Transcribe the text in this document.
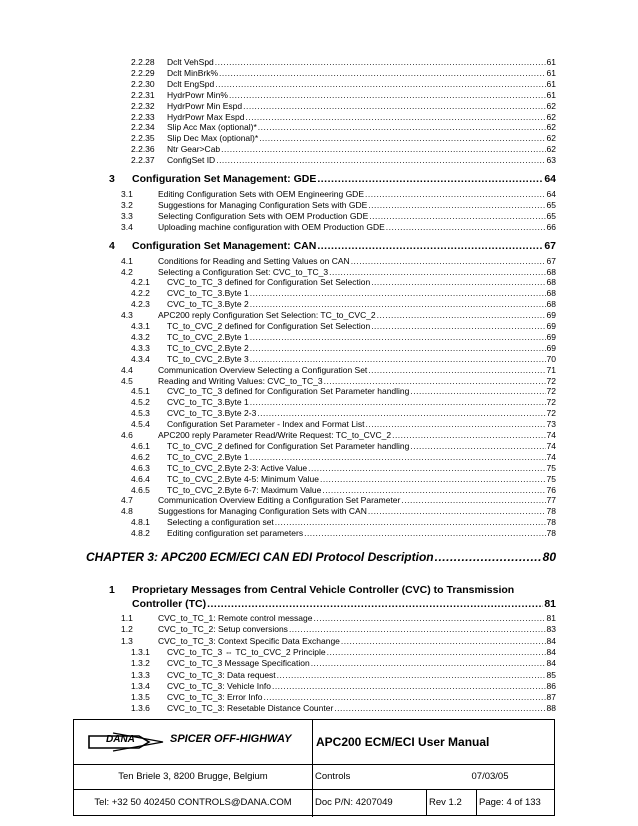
2.2.28	Dclt VehSpd .....	61
2.2.29	Dclt MinBrk% .....	61
2.2.30	Dclt EngSpd .....	61
2.2.31	HydrPowr Min% .....	61
2.2.32	HydrPowr Min Espd .....	62
2.2.33	HydrPowr Max Espd .....	62
2.2.34	Slip Acc Max (optional)* .....	62
2.2.35	Slip Dec Max (optional)* .....	62
2.2.36	Ntr Gear>Cab .....	62
2.2.37	ConfigSet ID .....	63
3	Configuration Set Management: GDE .....	64
3.1	Editing Configuration Sets with OEM Engineering GDE .....	64
3.2	Suggestions for Managing Configuration Sets with GDE .....	65
3.3	Selecting Configuration Sets with OEM Production GDE .....	65
3.4	Uploading machine configuration with OEM Production GDE .....	66
4	Configuration Set Management: CAN .....	67
4.1	Conditions for Reading and Setting Values on CAN .....	67
4.2	Selecting a Configuration Set: CVC_to_TC_3 .....	68
4.2.1	CVC_to_TC_3 defined for Configuration Set Selection .....	68
4.2.2	CVC_to_TC_3.Byte 1 .....	68
4.2.3	CVC_to_TC_3.Byte 2 .....	68
4.3	APC200 reply Configuration Set Selection: TC_to_CVC_2 .....	69
4.3.1	TC_to_CVC_2 defined for Configuration Set Selection .....	69
4.3.2	TC_to_CVC_2.Byte 1 .....	69
4.3.3	TC_to_CVC_2.Byte 2 .....	69
4.3.4	TC_to_CVC_2.Byte 3 .....	70
4.4	Communication Overview Selecting a Configuration Set .....	71
4.5	Reading and Writing Values: CVC_to_TC_3 .....	72
4.5.1	CVC_to_TC_3 defined for Configuration Set Parameter handling .....	72
4.5.2	CVC_to_TC_3.Byte 1 .....	72
4.5.3	CVC_to_TC_3.Byte 2-3 .....	72
4.5.4	Configuration Set Parameter - Index and Format List .....	73
4.6	APC200 reply Parameter Read/Write Request: TC_to_CVC_2 .....	74
4.6.1	TC_to_CVC_2 defined for Configuration Set Parameter handling .....	74
4.6.2	TC_to_CVC_2.Byte 1 .....	74
4.6.3	TC_to_CVC_2.Byte 2-3: Active Value .....	75
4.6.4	TC_to_CVC_2.Byte 4-5: Minimum Value .....	75
4.6.5	TC_to_CVC_2.Byte 6-7: Maximum Value .....	76
4.7	Communication Overview Editing a Configuration Set Parameter .....	77
4.8	Suggestions for Managing Configuration Sets with CAN .....	78
4.8.1	Selecting a configuration set .....	78
4.8.2	Editing configuration set parameters .....	78
CHAPTER 3: APC200 ECM/ECI CAN EDI Protocol Description .....	80
1	Proprietary Messages from Central Vehicle Controller (CVC) to Transmission
Controller (TC) .....	81
1.1	CVC_to_TC_1: Remote control message .....	81
1.2	CVC_to_TC_2: Setup conversions .....	83
1.3	CVC_to_TC_3: Context Specific Data Exchange .....	84
1.3.1	CVC_to_TC_3 ⇔ TC_to_CVC_2 Principle .....	84
1.3.2	CVC_to_TC_3 Message Specification .....	84
1.3.3	CVC_to_TC_3: Data request .....	85
1.3.4	CVC_to_TC_3: Vehicle Info .....	86
1.3.5	CVC_to_TC_3: Error Info .....	87
1.3.6	CVC_to_TC_3: Resetable Distance Counter .....	88
DANA	SPICER OFF-HIGHWAY APC200 ECM/ECI User Manual
Ten Briele 3, 8200 Brugge, Belgium	Controls	07/03/05
Tel: +32 50 402450 CONTROLS@DANA.COM Doc P/N: 4207049	Rev 1.2 Page: 4 of 133
